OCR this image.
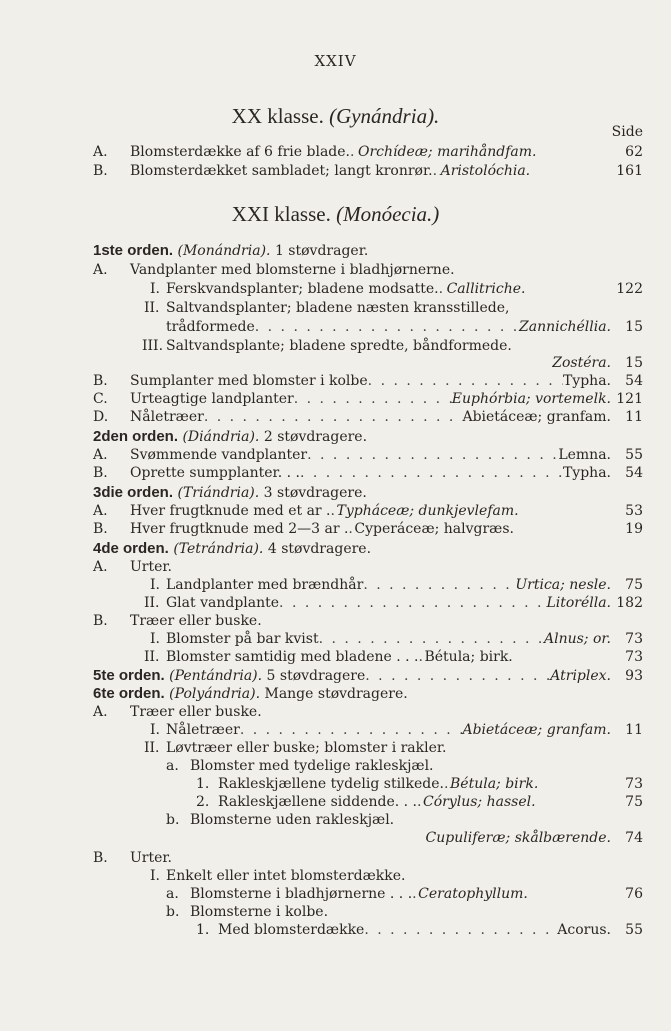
XXIV
XX klasse. (Gynándria).
Side
A. Blomsterdække af 6 frie blade. . . . Orchídeæ; marihåndfam.	62
B. Blomsterdækket sambladet; langt kronrør. . . . Aristolóchia.	161
XXI klasse. (Monóecia.)
1ste orden. (Monándria). 1 støvdrager.
A. Vandplanter med blomsterne i bladhjørnerne.
I. Ferskvandsplanter; bladene modsatte. . . . Callitriche.	122
II. Saltvandsplanter; bladene næsten kransstillede,
trådformede . . .	Zannichéllia. 15
III. Saltvandsplante; bladene spredte, båndformede.
Zostéra. 15
B. Sumplanter med blomster i kolbe . . .	Typha. 54
C. Urteagtige landplanter . . .	Euphórbia; vortemelk. 121
D. Nåletræer . . .	Abietáceæ; granfam. 11
2den orden. (Diándria). 2 støvdragere.
A. Svømmende vandplanter . . .	Lemna. 55
B. Oprette sumpplanter. . . . . .	Typha. 54
3die orden. (Triándria). 3 støvdragere.
A. Hver frugtknude med et ar . . . . Typháceæ; dunkjevlefam.	53
B. Hver frugtknude med 2—3 ar . . . . Cyperáceæ; halvgræs.	19
4de orden. (Tetrándria). 4 støvdragere.
A. Urter.
I. Landplanter med brændhår . . .	Urtica; nesle. 75
II. Glat vandplante . . .	Litorélla. 182
B. Træer eller buske.
I. Blomster på bar kvist . . .	Alnus; or. 73
II. Blomster samtidig med bladene . . . . . . Bétula; birk.	73
5te orden. (Pentándria). 5 støvdragere . . .	Atriplex. 93
6te orden. (Polyándria). Mange støvdragere.
A. Træer eller buske.
I. Nåletræer . . .	Abietáceæ; granfam. 11
II. Løvtræer eller buske; blomster i rakler.
a. Blomster med tydelige rakleskjæl.
1. Rakleskjællene tydelig stilkede. . . . Bétula; birk.	73
2. Rakleskjællene siddende. . . . . . Córylus; hassel.	75
b. Blomsterne uden rakleskjæl.
Cupuliferæ; skålbærende. 74
B. Urter.
I. Enkelt eller intet blomsterdække.
a. Blomsterne i bladhjørnerne . . . . . . Ceratophyllum.	76
b. Blomsterne i kolbe.
1. Med blomsterdække . . .	Acorus. 55
